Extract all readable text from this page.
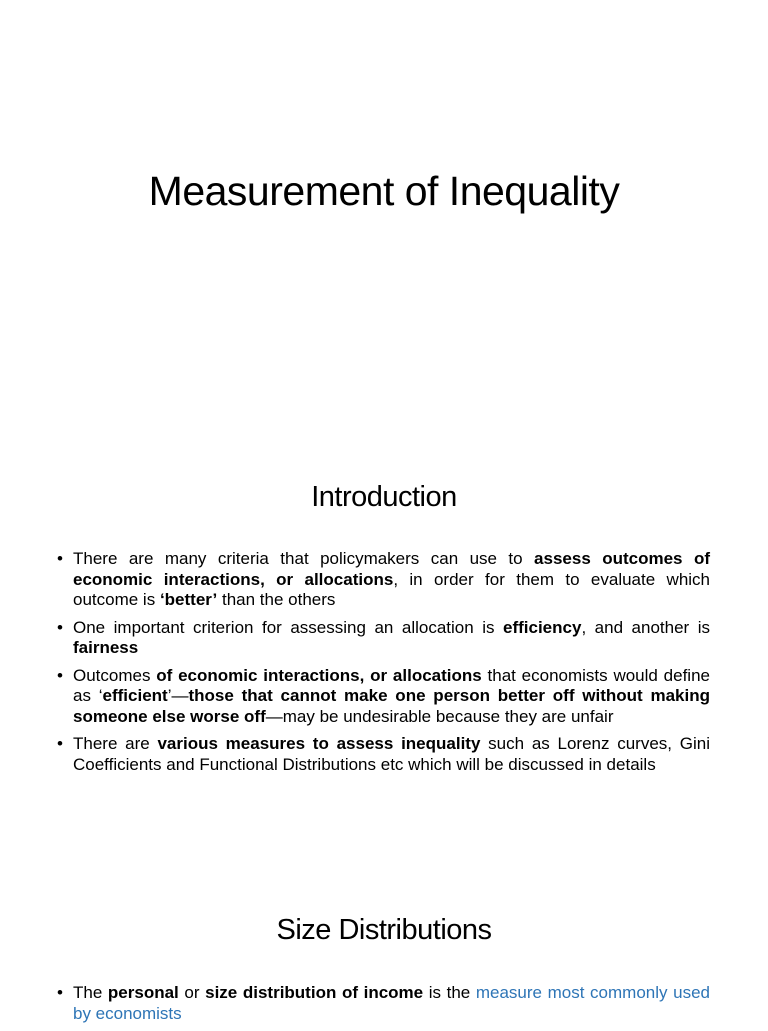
Measurement of Inequality
Introduction
• There are many criteria that policymakers can use to assess outcomes of economic interactions, or allocations, in order for them to evaluate which outcome is ‘better’ than the others
• One important criterion for assessing an allocation is efficiency, and another is fairness
• Outcomes of economic interactions, or allocations that economists would define as ‘efficient’—those that cannot make one person better off without making someone else worse off—may be undesirable because they are unfair
• There are various measures to assess inequality such as Lorenz curves, Gini Coefficients and Functional Distributions etc which will be discussed in details
Size Distributions
• The personal or size distribution of income is the measure most commonly used by economists
